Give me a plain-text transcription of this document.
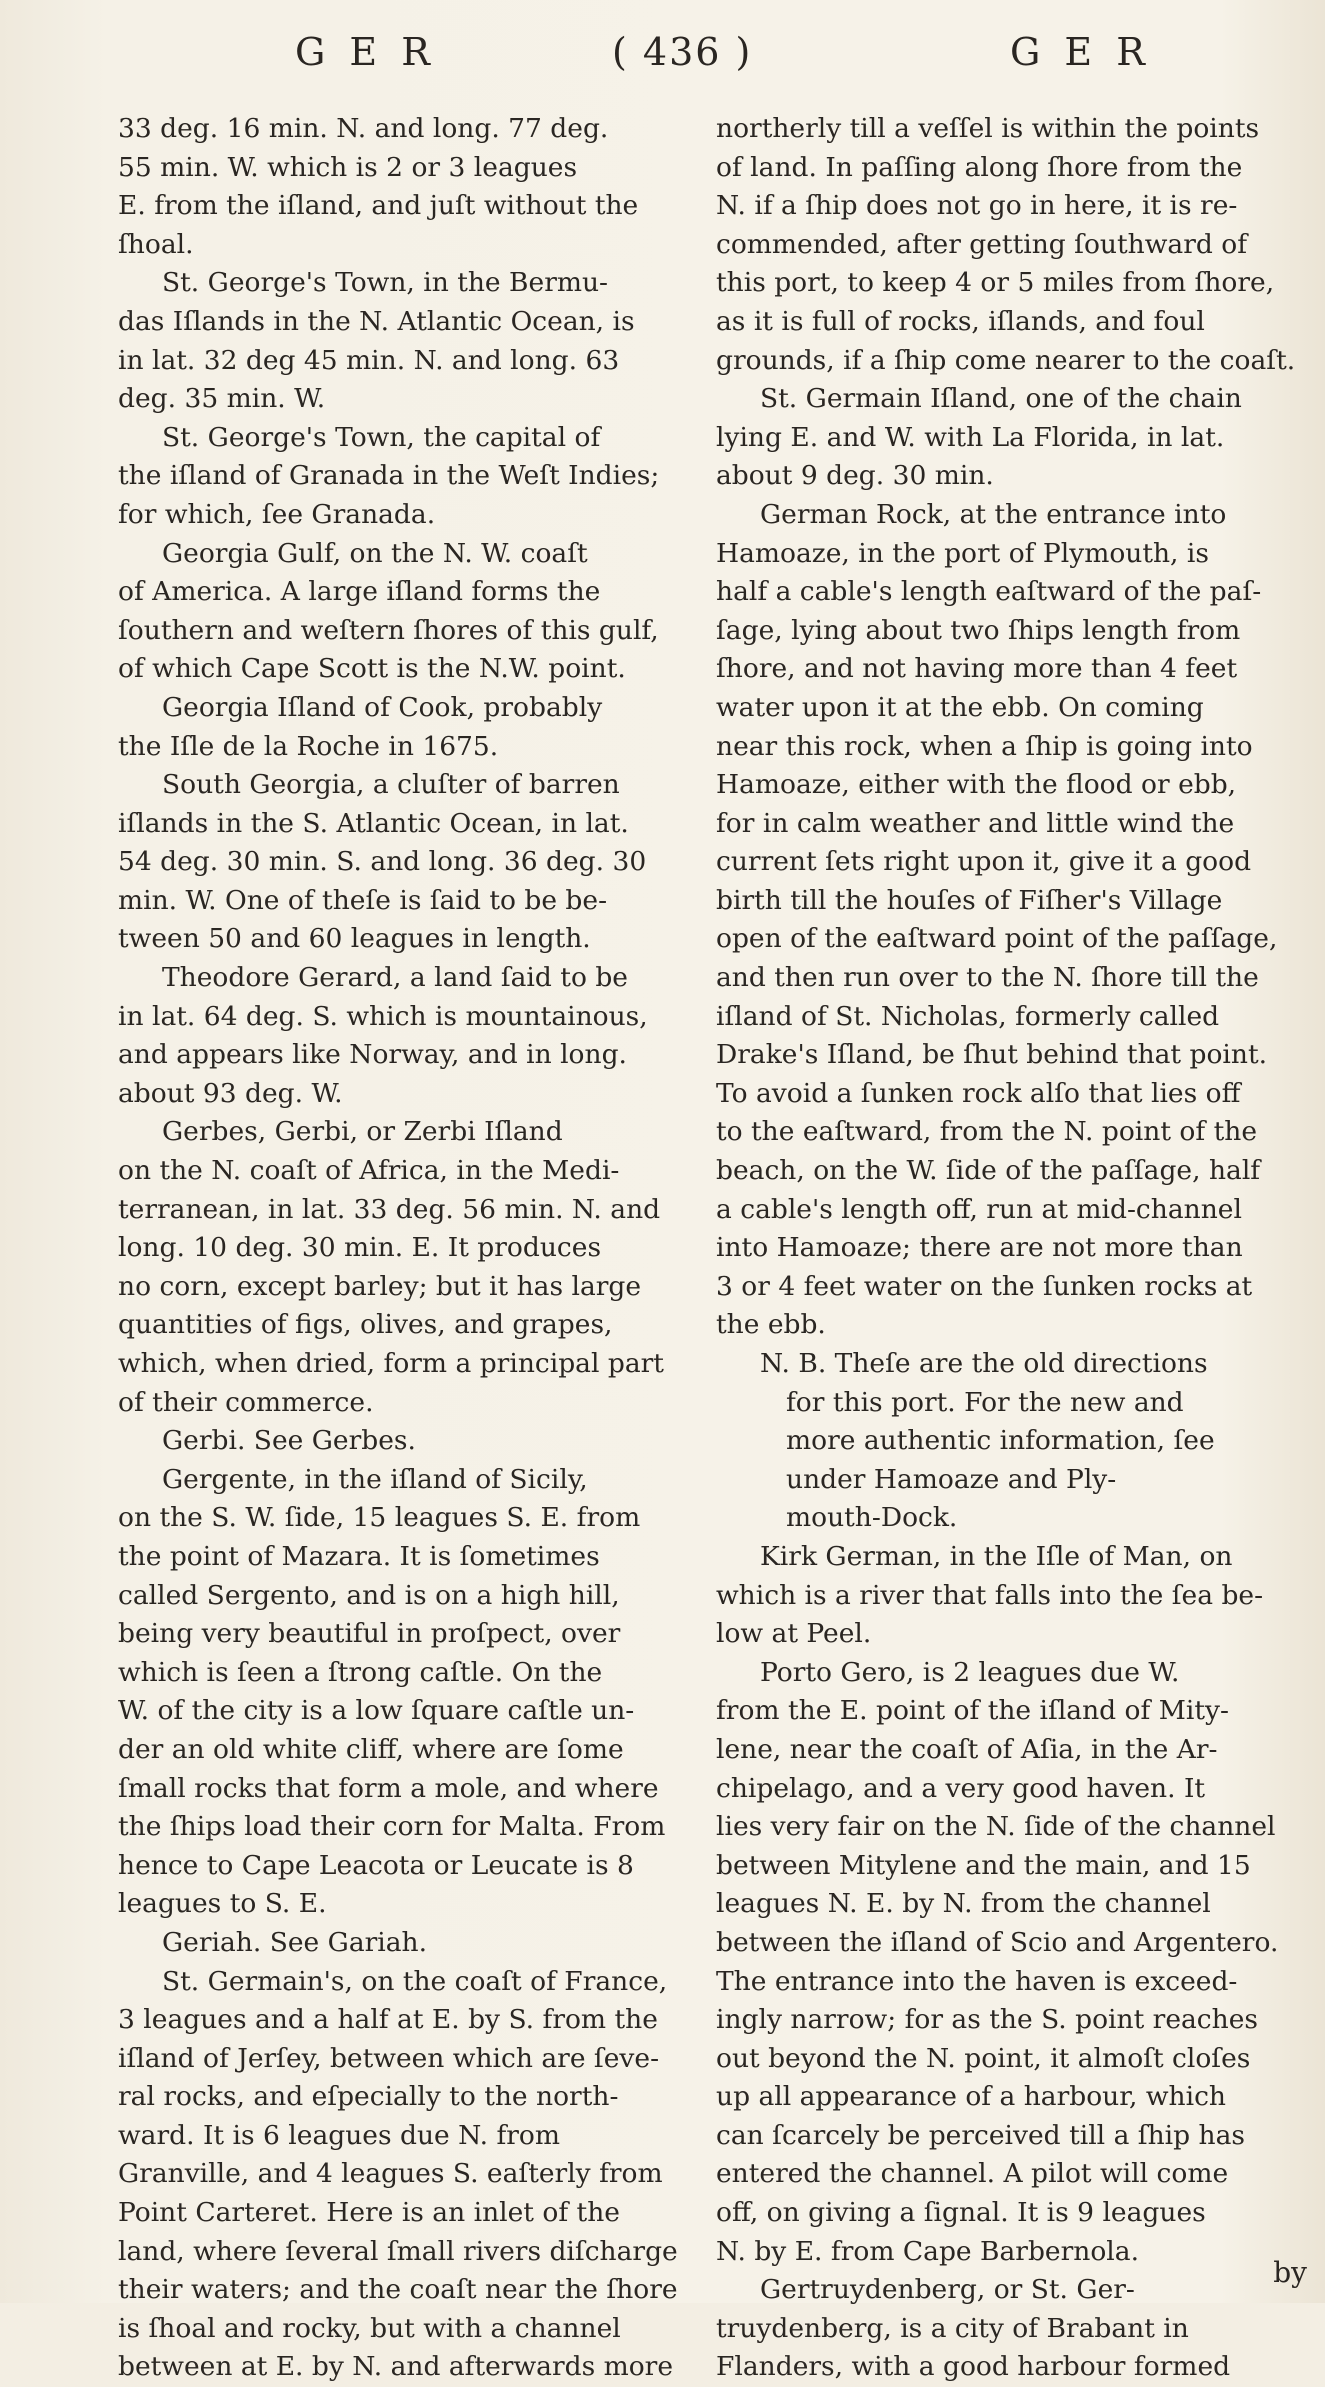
G E R	( 436 )	G E R
33 deg. 16 min. N. and long. 77 deg.
55 min. W. which is 2 or 3 leagues
E. from the iſland, and juſt without the
ſhoal.
St. George's Town, in the Bermu-
das Iſlands in the N. Atlantic Ocean, is
in lat. 32 deg 45 min. N. and long. 63
deg. 35 min. W.
St. George's Town, the capital of
the iſland of Granada in the Weſt Indies;
for which, ſee Granada.
Georgia Gulf, on the N. W. coaſt
of America. A large iſland forms the
ſouthern and weſtern ſhores of this gulf,
of which Cape Scott is the N.W. point.
Georgia Iſland of Cook, probably
the Iſle de la Roche in 1675.
South Georgia, a cluſter of barren
iſlands in the S. Atlantic Ocean, in lat.
54 deg. 30 min. S. and long. 36 deg. 30
min. W. One of theſe is ſaid to be be-
tween 50 and 60 leagues in length.
Theodore Gerard, a land ſaid to be
in lat. 64 deg. S. which is mountainous,
and appears like Norway, and in long.
about 93 deg. W.
Gerbes, Gerbi, or Zerbi Iſland
on the N. coaſt of Africa, in the Medi-
terranean, in lat. 33 deg. 56 min. N. and
long. 10 deg. 30 min. E. It produces
no corn, except barley; but it has large
quantities of figs, olives, and grapes,
which, when dried, form a principal part
of their commerce.
Gerbi. See Gerbes.
Gergente, in the iſland of Sicily,
on the S. W. ſide, 15 leagues S. E. from
the point of Mazara. It is ſometimes
called Sergento, and is on a high hill,
being very beautiful in proſpect, over
which is ſeen a ſtrong caſtle. On the
W. of the city is a low ſquare caſtle un-
der an old white cliff, where are ſome
ſmall rocks that form a mole, and where
the ſhips load their corn for Malta. From
hence to Cape Leacota or Leucate is 8
leagues to S. E.
Geriah. See Gariah.
St. Germain's, on the coaſt of France,
3 leagues and a half at E. by S. from the
iſland of Jerſey, between which are ſeve-
ral rocks, and eſpecially to the north-
ward. It is 6 leagues due N. from
Granville, and 4 leagues S. eaſterly from
Point Carteret. Here is an inlet of the
land, where ſeveral ſmall rivers diſcharge
their waters; and the coaſt near the ſhore
is ſhoal and rocky, but with a channel
between at E. by N. and afterwards more
northerly till a veſſel is within the points
of land. In paſſing along ſhore from the
N. if a ſhip does not go in here, it is re-
commended, after getting ſouthward of
this port, to keep 4 or 5 miles from ſhore,
as it is full of rocks, iſlands, and foul
grounds, if a ſhip come nearer to the coaſt.
St. Germain Iſland, one of the chain
lying E. and W. with La Florida, in lat.
about 9 deg. 30 min.
German Rock, at the entrance into
Hamoaze, in the port of Plymouth, is
half a cable's length eaſtward of the paſ-
ſage, lying about two ſhips length from
ſhore, and not having more than 4 feet
water upon it at the ebb. On coming
near this rock, when a ſhip is going into
Hamoaze, either with the flood or ebb,
for in calm weather and little wind the
current ſets right upon it, give it a good
birth till the houſes of Fiſher's Village
open of the eaſtward point of the paſſage,
and then run over to the N. ſhore till the
iſland of St. Nicholas, formerly called
Drake's Iſland, be ſhut behind that point.
To avoid a ſunken rock alſo that lies off
to the eaſtward, from the N. point of the
beach, on the W. ſide of the paſſage, half
a cable's length off, run at mid-channel
into Hamoaze; there are not more than
3 or 4 feet water on the ſunken rocks at
the ebb.
N. B. Theſe are the old directions
for this port. For the new and
more authentic information, ſee
under Hamoaze and Ply-
mouth-Dock.
Kirk German, in the Iſle of Man, on
which is a river that falls into the ſea be-
low at Peel.
Porto Gero, is 2 leagues due W.
from the E. point of the iſland of Mity-
lene, near the coaſt of Aſia, in the Ar-
chipelago, and a very good haven. It
lies very fair on the N. ſide of the channel
between Mitylene and the main, and 15
leagues N. E. by N. from the channel
between the iſland of Scio and Argentero.
The entrance into the haven is exceed-
ingly narrow; for as the S. point reaches
out beyond the N. point, it almoſt cloſes
up all appearance of a harbour, which
can ſcarcely be perceived till a ſhip has
entered the channel. A pilot will come
off, on giving a ſignal. It is 9 leagues
N. by E. from Cape Barbernola.
Gertruydenberg, or St. Ger-
truydenberg, is a city of Brabant in
Flanders, with a good harbour formed
by
